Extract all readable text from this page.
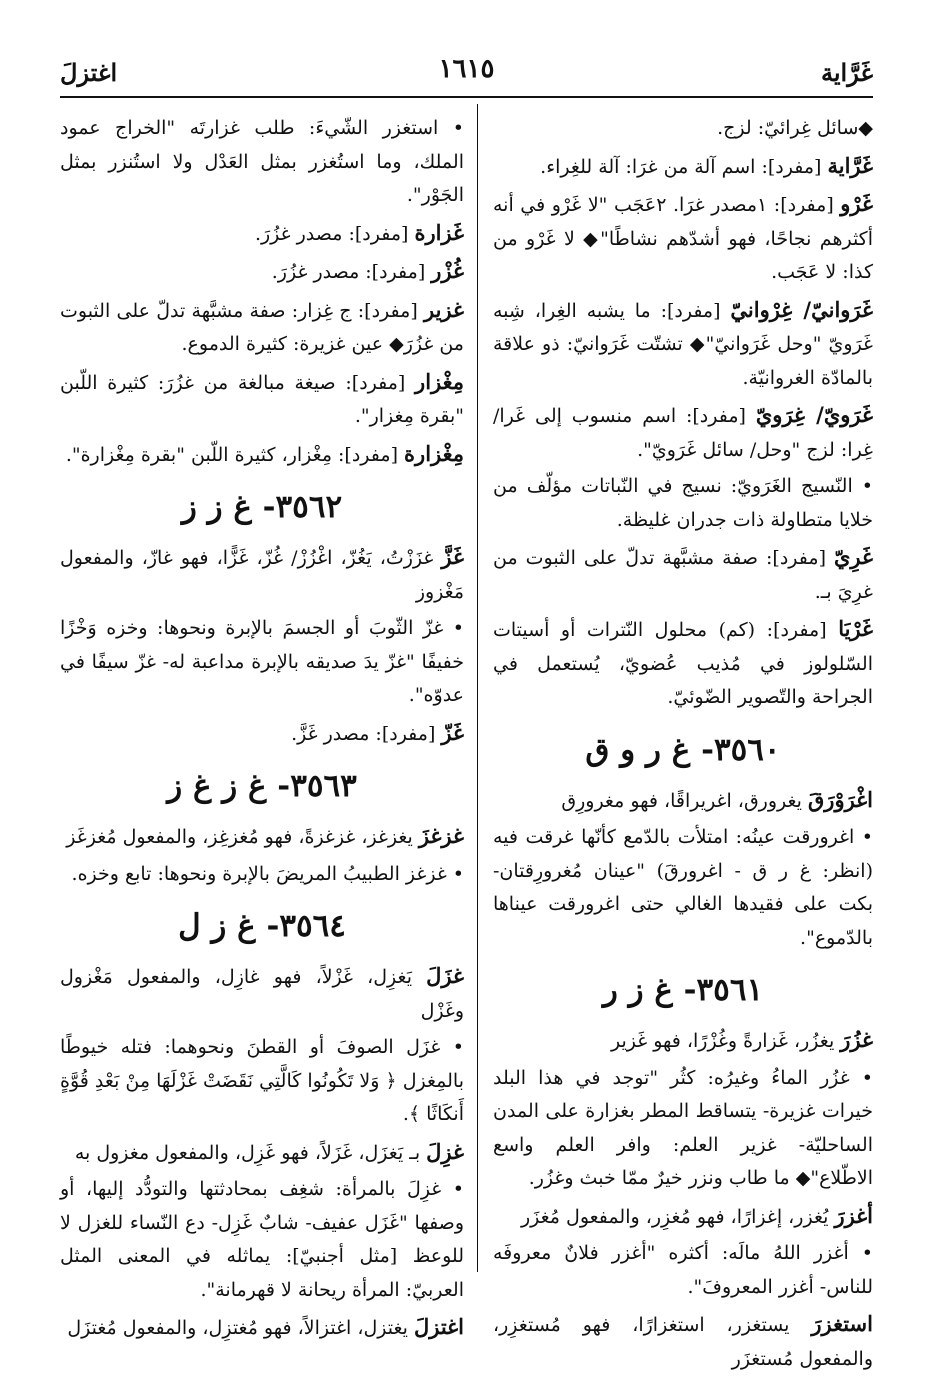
غَرَّاية
١٦١٥
اغتزلَ

◆سائل غِرائيّ: لزج.

غَرَّاية [مفرد]: اسم آلة من غرَا: آلة للغِراء.

غَرْو [مفرد]: ١مصدر غرَا. ٢عَجَب "لا غَرْو في أنه أكثرهم نجاحًا، فهو أشدّهم نشاطًا"◆ لا غَرْو من كذا: لا عَجَب.

غَرَوانيّ/ غِرْوانيّ [مفرد]: ما يشبه الغِرا، شِبه غَرَويّ "وحل غَرَوانيّ"◆ تشتّت غَرَوانيّ: ذو علاقة بالمادّة الغروانيّة.

غَرَويّ/ غِرَويّ [مفرد]: اسم منسوب إلى غَرا/ غِرا: لزج "وحل/ سائل غَرَويّ".

• النّسيج الغَرَويّ: نسيج في النّباتات مؤلّف من خلايا متطاولة ذات جدران غليظة.

غَرِيّ [مفرد]: صفة مشبَّهة تدلّ على الثبوت من غرِيَ بـ.

غَرْيَا [مفرد]: (كم) محلول النّترات أو أسيتات السّلولوز في مُذيب عُضويّ، يُستعمل في الجراحة والتّصوير الضّوئيّ.

٣٥٦٠- غ ر و ق

اغْرَوْرَقَ يغرورق، اغريراقًا، فهو مغرورِق

• اغرورقت عينُه: امتلأت بالدّمع كأنّها غرقت فيه (انظر: غ ر ق - اغرورقَ) "عينان مُغرورِقتان- بكت على فقيدها الغالي حتى اغرورقت عيناها بالدّموع".

٣٥٦١- غ ز ر

غزُرَ يغزُر، غَزارةً وغُزْرًا، فهو غَزير

• غزُر الماءُ وغيرُه: كثُر "توجد في هذا البلد خيرات غزيرة- يتساقط المطر بغزارة على المدن الساحليّة- غزير العلم: وافر العلم واسع الاطّلاع"◆ ما طاب ونزر خيرٌ ممّا خبث وغزُر.

أغزرَ يُغزر، إغزارًا، فهو مُغزِر، والمفعول مُغزَر

• أغزر اللهُ مالَه: أكثره "أغزر فلانٌ معروفَه للناس- أغزر المعروفَ".

استغزرَ يستغزر، استغزارًا، فهو مُستغزِر، والمفعول مُستغزَر

• استغزر الشّيءَ: طلب غزارتَه "الخراج عمود الملك، وما استُغزر بمثل العَدْل ولا استُنزر بمثل الجَوْر".

غَزارة [مفرد]: مصدر غزُرَ.

غُزْر [مفرد]: مصدر غزُرَ.

غزير [مفرد]: ج غِزار: صفة مشبَّهة تدلّ على الثبوت من غزُرَ◆ عين غزيرة: كثيرة الدموع.

مِغْزار [مفرد]: صيغة مبالغة من غزُرَ: كثيرة اللّبن "بقرة مِغزار".

مِغْزارة [مفرد]: مِغْزار، كثيرة اللّبن "بقرة مِغْزارة".

٣٥٦٢- غ ز ز

غَزَّ غزَزْتُ، يَغُزّ، اغْزُزْ/ غُزّ، غَزًّا، فهو غازّ، والمفعول مَغْزوز

• غزّ الثّوبَ أو الجسمَ بالإبرة ونحوها: وخزه وَخْزًا خفيفًا "غزّ يدَ صديقه بالإبرة مداعبة له- غزّ سيفًا في عدوّه".

غَزّ [مفرد]: مصدر غَزَّ.

٣٥٦٣- غ ز غ ز

غزغزَ يغزغز، غزغزةً، فهو مُغزغِز، والمفعول مُغزغَز

• غزغز الطبيبُ المريضَ بالإبرة ونحوها: تابع وخزه.

٣٥٦٤- غ ز ل

غزَلَ يَغزِل، غَزْلاً، فهو غازِل، والمفعول مَغْزول وغَزْل

• غزَل الصوفَ أو القطنَ ونحوهما: فتله خيوطًا بالمِغزل ﴿ وَلا تَكُونُوا كَالَّتِي نَقَضَتْ غَزْلَهَا مِنْ بَعْدِ قُوَّةٍ أَنكَاثًا ﴾.

غزِلَ بـ يَغزَل، غَزَلاً، فهو غَزِل، والمفعول مغزول به

• غزِلَ بالمرأة: شغِف بمحادثتها والتودُّد إليها، أو وصفها "غَزَل عفيف- شابٌ غَزِل- دع النّساء للغزل لا للوعظ [مثل أجنبيّ]: يماثله في المعنى المثل العربيّ: المرأة ريحانة لا قهرمانة".

اغتزلَ يغتزل، اغتزالاً، فهو مُغتزِل، والمفعول مُغتزَل
